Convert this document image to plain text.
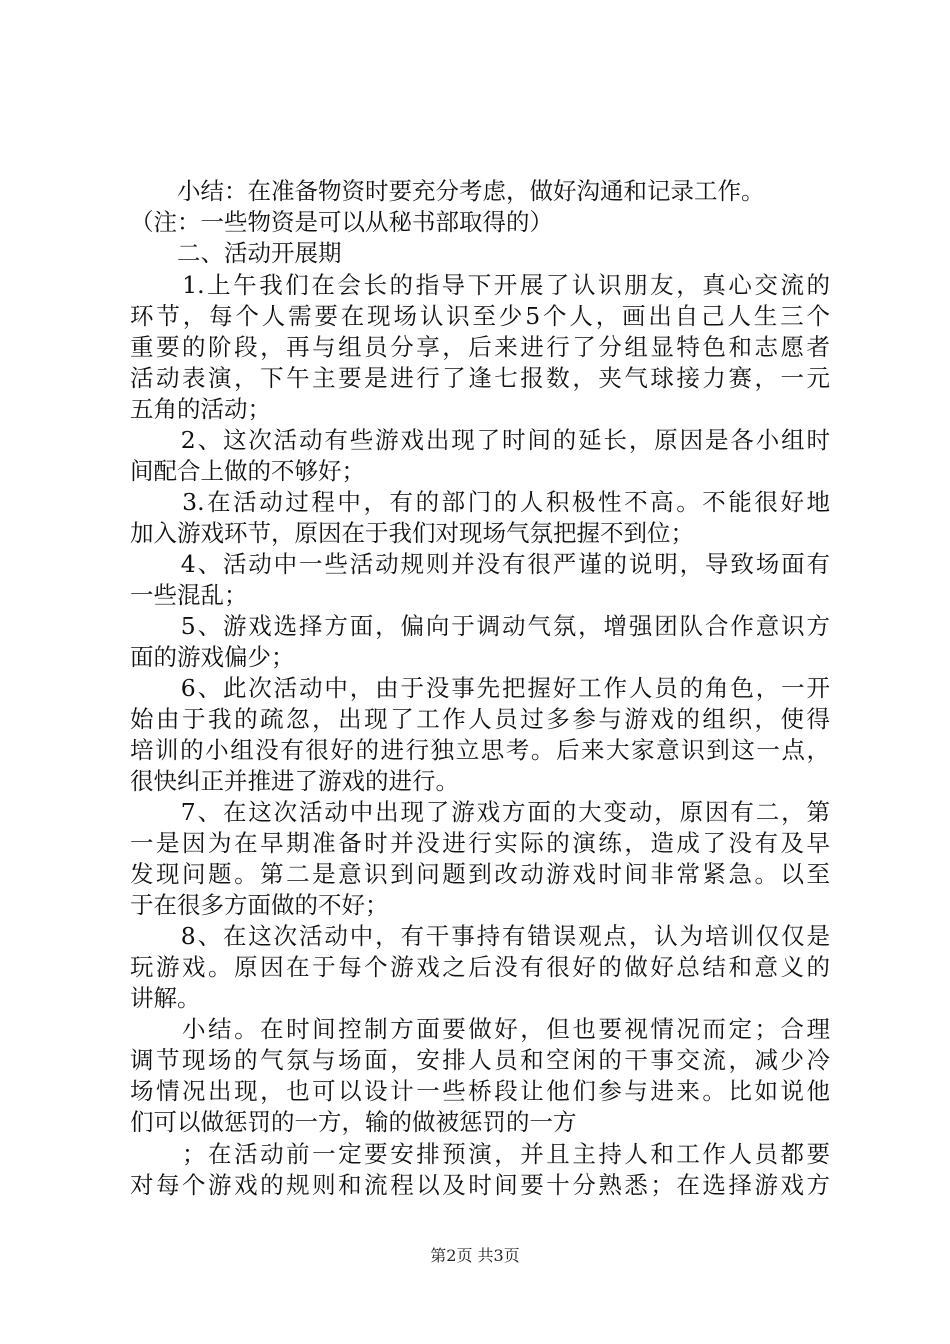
　　小结：在准备物资时要充分考虑，做好沟通和记录工作。
（注：一些物资是可以从秘书部取得的）
　　二、活动开展期
　　1.上午我们在会长的指导下开展了认识朋友，真心交流的
环节，每个人需要在现场认识至少5个人，画出自己人生三个
重要的阶段，再与组员分享，后来进行了分组显特色和志愿者
活动表演，下午主要是进行了逢七报数，夹气球接力赛，一元
五角的活动；
　　2、这次活动有些游戏出现了时间的延长，原因是各小组时
间配合上做的不够好；
　　3.在活动过程中，有的部门的人积极性不高。不能很好地
加入游戏环节，原因在于我们对现场气氛把握不到位；
　　4、活动中一些活动规则并没有很严谨的说明，导致场面有
一些混乱；
　　5、游戏选择方面，偏向于调动气氛，增强团队合作意识方
面的游戏偏少；
　　6、此次活动中，由于没事先把握好工作人员的角色，一开
始由于我的疏忽，出现了工作人员过多参与游戏的组织，使得
培训的小组没有很好的进行独立思考。后来大家意识到这一点，
很快纠正并推进了游戏的进行。
　　7、在这次活动中出现了游戏方面的大变动，原因有二，第
一是因为在早期准备时并没进行实际的演练，造成了没有及早
发现问题。第二是意识到问题到改动游戏时间非常紧急。以至
于在很多方面做的不好；
　　8、在这次活动中，有干事持有错误观点，认为培训仅仅是
玩游戏。原因在于每个游戏之后没有很好的做好总结和意义的
讲解。
　　小结。在时间控制方面要做好，但也要视情况而定；合理
调节现场的气氛与场面，安排人员和空闲的干事交流，减少冷
场情况出现，也可以设计一些桥段让他们参与进来。比如说他
们可以做惩罚的一方，输的做被惩罚的一方
　　；在活动前一定要安排预演，并且主持人和工作人员都要
对每个游戏的规则和流程以及时间要十分熟悉；在选择游戏方
第2页 共3页
